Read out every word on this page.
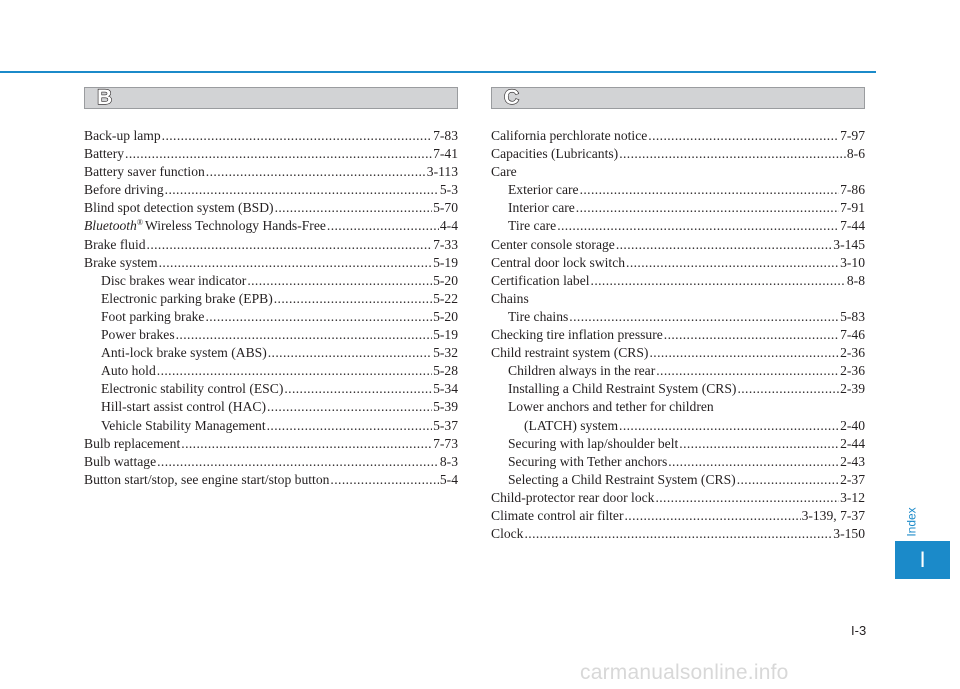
B
Back-up lamp .....	7-83
Battery .....	7-41
Battery saver function .....	3-113
Before driving .....	5-3
Blind spot detection system (BSD) .....	5-70
Bluetooth® Wireless Technology Hands-Free .....	4-4
Brake fluid .....	7-33
Brake system .....	5-19
Disc brakes wear indicator .....	5-20
Electronic parking brake (EPB) .....	5-22
Foot parking brake .....	5-20
Power brakes .....	5-19
Anti-lock brake system (ABS) .....	5-32
Auto hold .....	5-28
Electronic stability control (ESC) .....	5-34
Hill-start assist control (HAC) .....	5-39
Vehicle Stability Management .....	5-37
Bulb replacement .....	7-73
Bulb wattage .....	8-3
Button start/stop, see engine start/stop button .....	5-4
C
California perchlorate notice .....	7-97
Capacities (Lubricants) .....	8-6
Care
Exterior care .....	7-86
Interior care .....	7-91
Tire care .....	7-44
Center console storage .....	3-145
Central door lock switch .....	3-10
Certification label .....	8-8
Chains
Tire chains .....	5-83
Checking tire inflation pressure .....	7-46
Child restraint system (CRS) .....	2-36
Children always in the rear .....	2-36
Installing a Child Restraint System (CRS) .....	2-39
Lower anchors and tether for children
(LATCH) system .....	2-40
Securing with lap/shoulder belt .....	2-44
Securing with Tether anchors .....	2-43
Selecting a Child Restraint System (CRS) .....	2-37
Child-protector rear door lock .....	3-12
Climate control air filter .....	3-139, 7-37
Clock .....	3-150	Index
I
I-3
carmanualsonline.info
